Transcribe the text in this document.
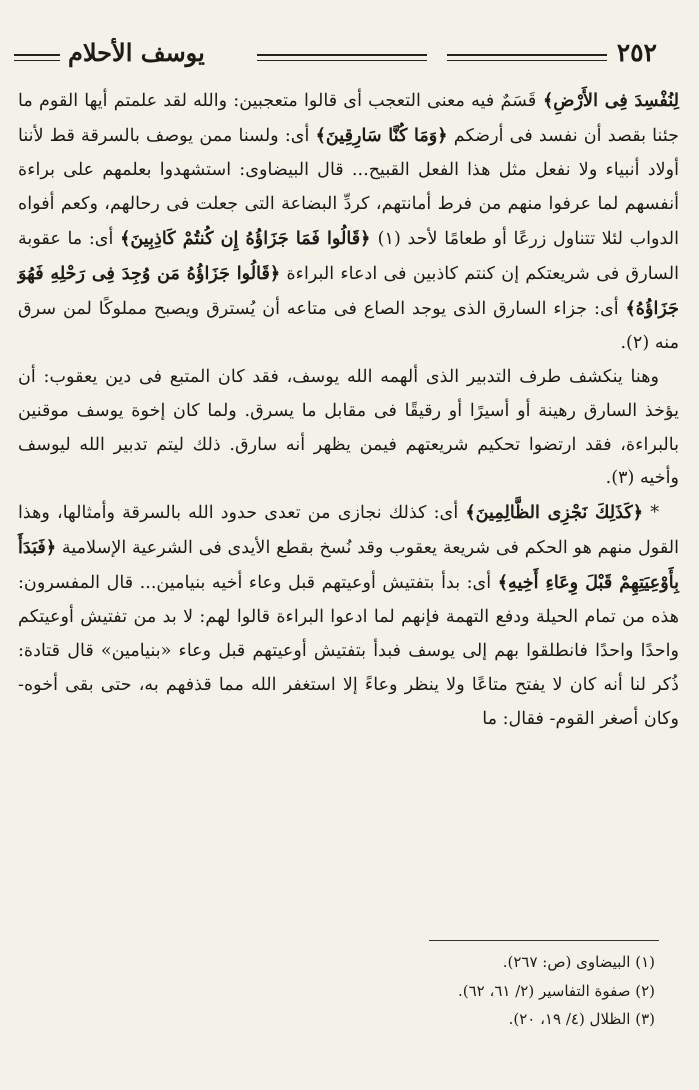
٢٥٢
يوسف الأحلام

لِنُفْسِدَ فِى الأَرْضِ﴾ قَسَمٌ فيه معنى التعجب أى قالوا متعجبين: والله لقد علمتم أيها القوم ما جئنا بقصد أن نفسد فى أرضكم ﴿وَمَا كُنَّا سَارِقِينَ﴾ أى: ولسنا ممن يوصف بالسرقة قط لأننا أولاد أنبياء ولا نفعل مثل هذا الفعل القبيح... قال البيضاوى: استشهدوا بعلمهم على براءة أنفسهم لما عرفوا منهم من فرط أمانتهم، كردِّ البضاعة التى جعلت فى رحالهم، وكعم أفواه الدواب لئلا تتناول زرعًا أو طعامًا لأحد (١) ﴿قَالُوا فَمَا جَزَاؤُهُ إِن كُنتُمْ كَاذِبِينَ﴾ أى: ما عقوبة السارق فى شريعتكم إن كنتم كاذبين فى ادعاء البراءة ﴿قَالُوا جَزَاؤُهُ مَن وُجِدَ فِى رَحْلِهِ فَهُوَ جَزَاؤُهُ﴾ أى: جزاء السارق الذى يوجد الصاع فى متاعه أن يُسترق ويصبح مملوكًا لمن سرق منه (٢).

وهنا ينكشف طرف التدبير الذى ألهمه الله يوسف، فقد كان المتبع فى دين يعقوب: أن يؤخذ السارق رهينة أو أسيرًا أو رقيقًا فى مقابل ما يسرق. ولما كان إخوة يوسف موقنين بالبراءة، فقد ارتضوا تحكيم شريعتهم فيمن يظهر أنه سارق. ذلك ليتم تدبير الله ليوسف وأخيه (٣).

* ﴿كَذَلِكَ نَجْزِى الظَّالِمِينَ﴾ أى: كذلك نجازى من تعدى حدود الله بالسرقة وأمثالها، وهذا القول منهم هو الحكم فى شريعة يعقوب وقد نُسخ بقطع الأيدى فى الشرعية الإسلامية ﴿فَبَدَأَ بِأَوْعِيَتِهِمْ قَبْلَ وِعَاءِ أَخِيهِ﴾ أى: بدأ بتفتيش أوعيتهم قبل وعاء أخيه بنيامين... قال المفسرون: هذه من تمام الحيلة ودفع التهمة فإنهم لما ادعوا البراءة قالوا لهم: لا بد من تفتيش أوعيتكم واحدًا واحدًا فانطلقوا بهم إلى يوسف فبدأ بتفتيش أوعيتهم قبل وعاء «بنيامين» قال قتادة: ذُكر لنا أنه كان لا يفتح متاعًا ولا ينظر وعاءً إلا استغفر الله مما قذفهم به، حتى بقى أخوه- وكان أصغر القوم- فقال: ما

(١) البيضاوى (ص: ٢٦٧).
(٢) صفوة التفاسير (٢/ ٦١، ٦٢).
(٣) الظلال (٤/ ١٩، ٢٠).
